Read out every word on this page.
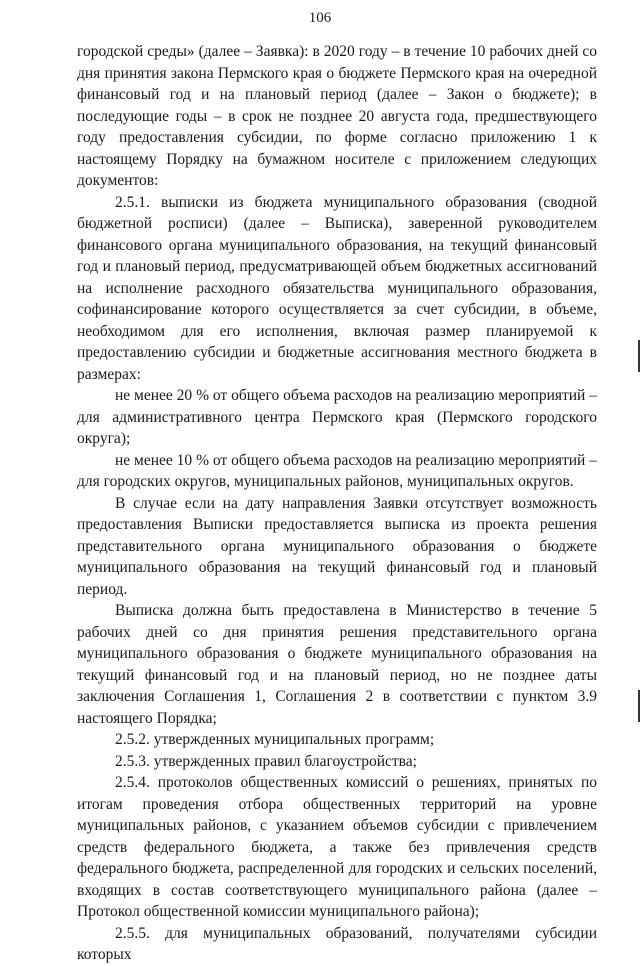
106

городской среды» (далее – Заявка): в 2020 году – в течение 10 рабочих дней со дня принятия закона Пермского края о бюджете Пермского края на очередной финансовый год и на плановый период (далее – Закон о бюджете); в последующие годы – в срок не позднее 20 августа года, предшествующего году предоставления субсидии, по форме согласно приложению 1 к настоящему Порядку на бумажном носителе с приложением следующих документов:

2.5.1. выписки из бюджета муниципального образования (сводной бюджетной росписи) (далее – Выписка), заверенной руководителем финансового органа муниципального образования, на текущий финансовый год и плановый период, предусматривающей объем бюджетных ассигнований на исполнение расходного обязательства муниципального образования, софинансирование которого осуществляется за счет субсидии, в объеме, необходимом для его исполнения, включая размер планируемой к предоставлению субсидии и бюджетные ассигнования местного бюджета в размерах:

не менее 20 % от общего объема расходов на реализацию мероприятий – для административного центра Пермского края (Пермского городского округа);

не менее 10 % от общего объема расходов на реализацию мероприятий – для городских округов, муниципальных районов, муниципальных округов.

В случае если на дату направления Заявки отсутствует возможность предоставления Выписки предоставляется выписка из проекта решения представительного органа муниципального образования о бюджете муниципального образования на текущий финансовый год и плановый период.

Выписка должна быть предоставлена в Министерство в течение 5 рабочих дней со дня принятия решения представительного органа муниципального образования о бюджете муниципального образования на текущий финансовый год и на плановый период, но не позднее даты заключения Соглашения 1, Соглашения 2 в соответствии с пунктом 3.9 настоящего Порядка;

2.5.2. утвержденных муниципальных программ;

2.5.3. утвержденных правил благоустройства;

2.5.4. протоколов общественных комиссий о решениях, принятых по итогам проведения отбора общественных территорий на уровне муниципальных районов, с указанием объемов субсидии с привлечением средств федерального бюджета, а также без привлечения средств федерального бюджета, распределенной для городских и сельских поселений, входящих в состав соответствующего муниципального района (далее – Протокол общественной комиссии муниципального района);

2.5.5. для муниципальных образований, получателями субсидии которых
